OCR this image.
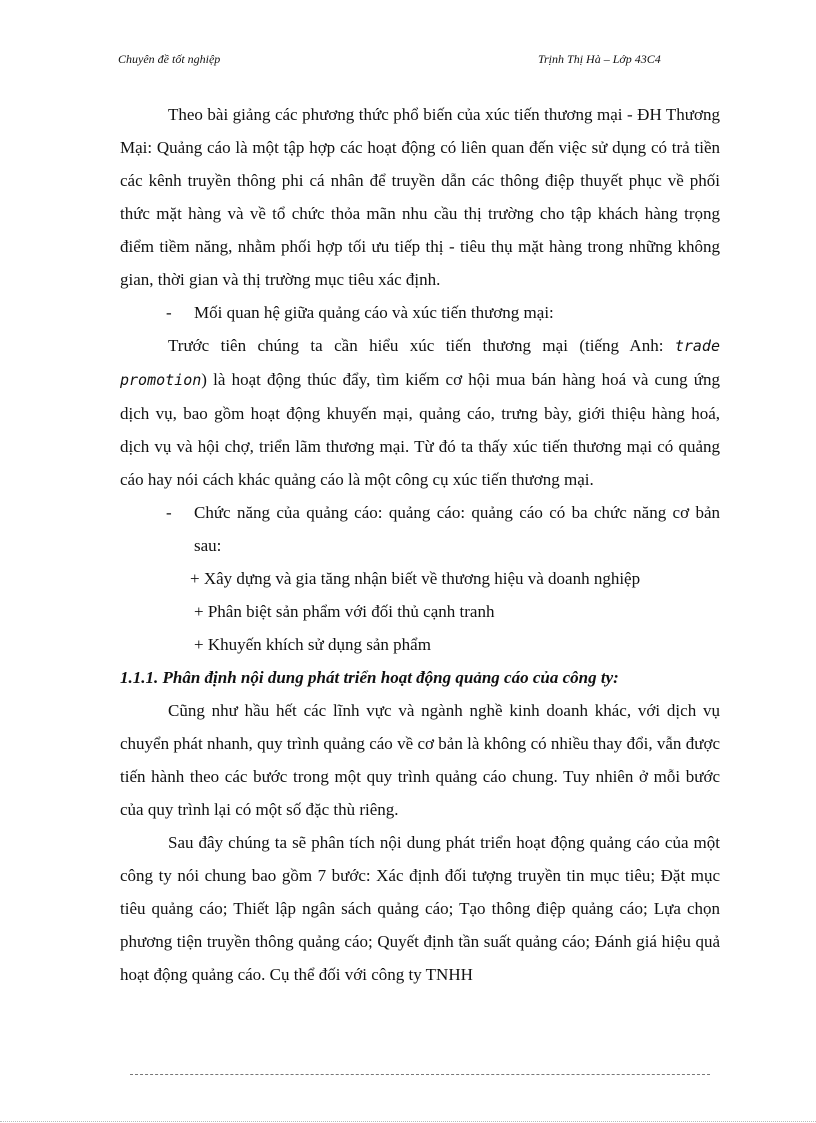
Chuyên đề tốt nghiệp	Trịnh Thị Hà – Lớp 43C4

Theo bài giảng các phương thức phổ biến của xúc tiến thương mại - ĐH Thương Mại: Quảng cáo là một tập hợp các hoạt động có liên quan đến việc sử dụng có trả tiền các kênh truyền thông phi cá nhân để truyền dẫn các thông điệp thuyết phục về phối thức mặt hàng và về tổ chức thỏa mãn nhu cầu thị trường cho tập khách hàng trọng điểm tiềm năng, nhằm phối hợp tối ưu tiếp thị - tiêu thụ mặt hàng trong những không gian, thời gian và thị trường mục tiêu xác định.

-	Mối quan hệ giữa quảng cáo và xúc tiến thương mại:

Trước tiên chúng ta cần hiểu xúc tiến thương mại (tiếng Anh: trade promotion) là hoạt động thúc đẩy, tìm kiếm cơ hội mua bán hàng hoá và cung ứng dịch vụ, bao gồm hoạt động khuyến mại, quảng cáo, trưng bày, giới thiệu hàng hoá, dịch vụ và hội chợ, triển lãm thương mại. Từ đó ta thấy xúc tiến thương mại có quảng cáo hay nói cách khác quảng cáo là một công cụ xúc tiến thương mại.

-	Chức năng của quảng cáo: quảng cáo: quảng cáo có ba chức năng cơ bản sau:

+ Xây dựng và gia tăng nhận biết về thương hiệu và doanh nghiệp

+ Phân biệt sản phẩm với đối thủ cạnh tranh

+ Khuyến khích sử dụng sản phẩm

1.1.1. Phân định nội dung phát triển hoạt động quảng cáo của công ty:

Cũng như hầu hết các lĩnh vực và ngành nghề kinh doanh khác, với dịch vụ chuyển phát nhanh, quy trình quảng cáo về cơ bản là không có nhiều thay đổi, vẫn được tiến hành theo các bước trong một quy trình quảng cáo chung. Tuy nhiên ở mỗi bước của quy trình lại có một số đặc thù riêng.

Sau đây chúng ta sẽ phân tích nội dung phát triển hoạt động quảng cáo của một công ty nói chung bao gồm 7 bước: Xác định đối tượng truyền tin mục tiêu; Đặt mục tiêu quảng cáo; Thiết lập ngân sách quảng cáo; Tạo thông điệp quảng cáo; Lựa chọn phương tiện truyền thông quảng cáo; Quyết định tần suất quảng cáo; Đánh giá hiệu quả hoạt động quảng cáo. Cụ thể đối với công ty TNHH
